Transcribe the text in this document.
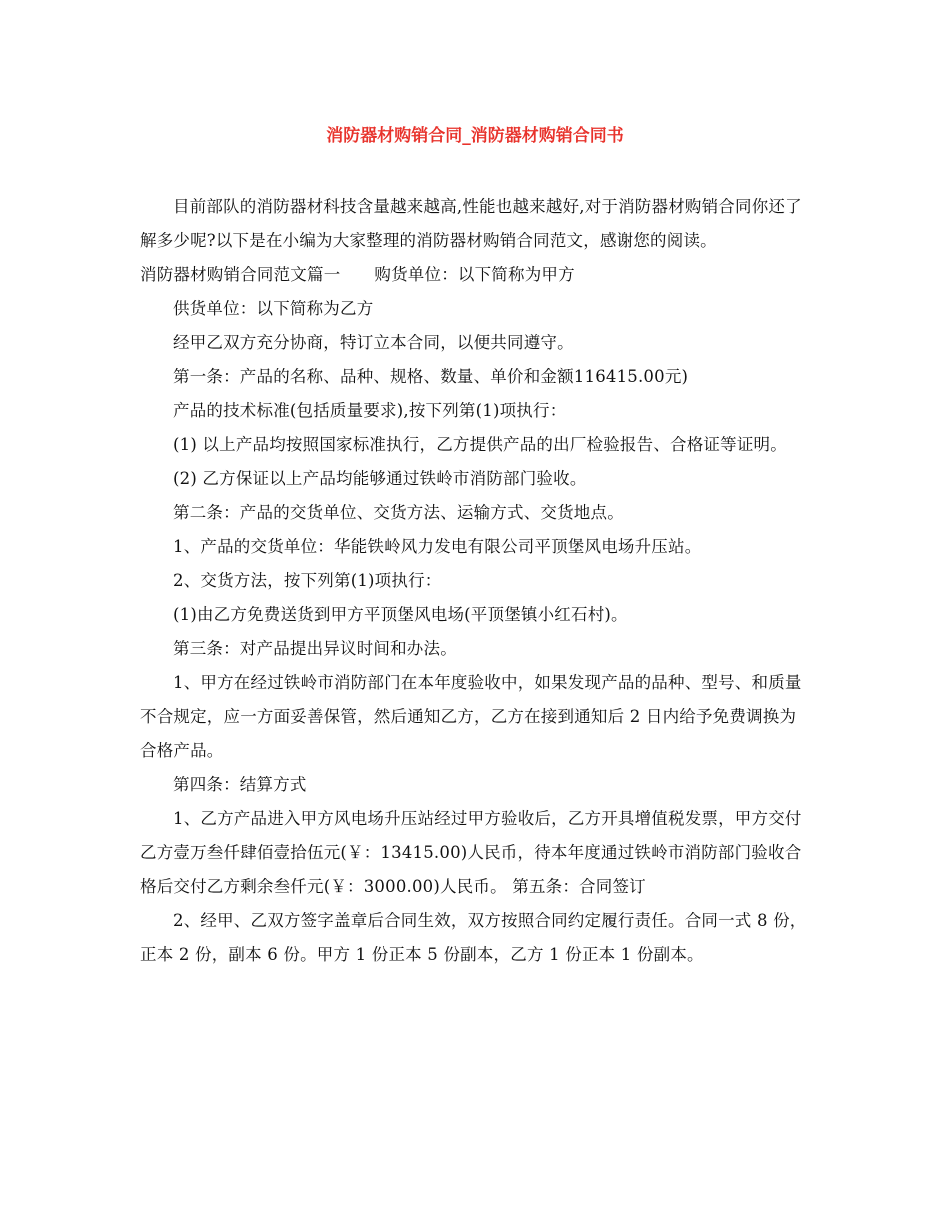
消防器材购销合同_消防器材购销合同书

目前部队的消防器材科技含量越来越高,性能也越来越好,对于消防器材购销合同你还了解多少呢?以下是在小编为大家整理的消防器材购销合同范文，感谢您的阅读。

消防器材购销合同范文篇一 购货单位：以下简称为甲方

供货单位：以下简称为乙方

经甲乙双方充分协商，特订立本合同，以便共同遵守。

第一条：产品的名称、品种、规格、数量、单价和金额116415.00元)

产品的技术标准(包括质量要求),按下列第(1)项执行：

(1) 以上产品均按照国家标准执行，乙方提供产品的出厂检验报告、合格证等证明。

(2) 乙方保证以上产品均能够通过铁岭市消防部门验收。

第二条：产品的交货单位、交货方法、运输方式、交货地点。

1、产品的交货单位：华能铁岭风力发电有限公司平顶堡风电场升压站。

2、交货方法，按下列第(1)项执行：

(1)由乙方免费送货到甲方平顶堡风电场(平顶堡镇小红石村)。

第三条：对产品提出异议时间和办法。

1、甲方在经过铁岭市消防部门在本年度验收中，如果发现产品的品种、型号、和质量不合规定，应一方面妥善保管，然后通知乙方，乙方在接到通知后 2 日内给予免费调换为合格产品。

第四条：结算方式

1、乙方产品进入甲方风电场升压站经过甲方验收后，乙方开具增值税发票，甲方交付乙方壹万叁仟肆佰壹拾伍元(￥：13415.00)人民币，待本年度通过铁岭市消防部门验收合格后交付乙方剩余叁仟元(￥：3000.00)人民币。 第五条：合同签订

2、经甲、乙双方签字盖章后合同生效，双方按照合同约定履行责任。合同一式 8 份，正本 2 份，副本 6 份。甲方 1 份正本 5 份副本，乙方 1 份正本 1 份副本。
